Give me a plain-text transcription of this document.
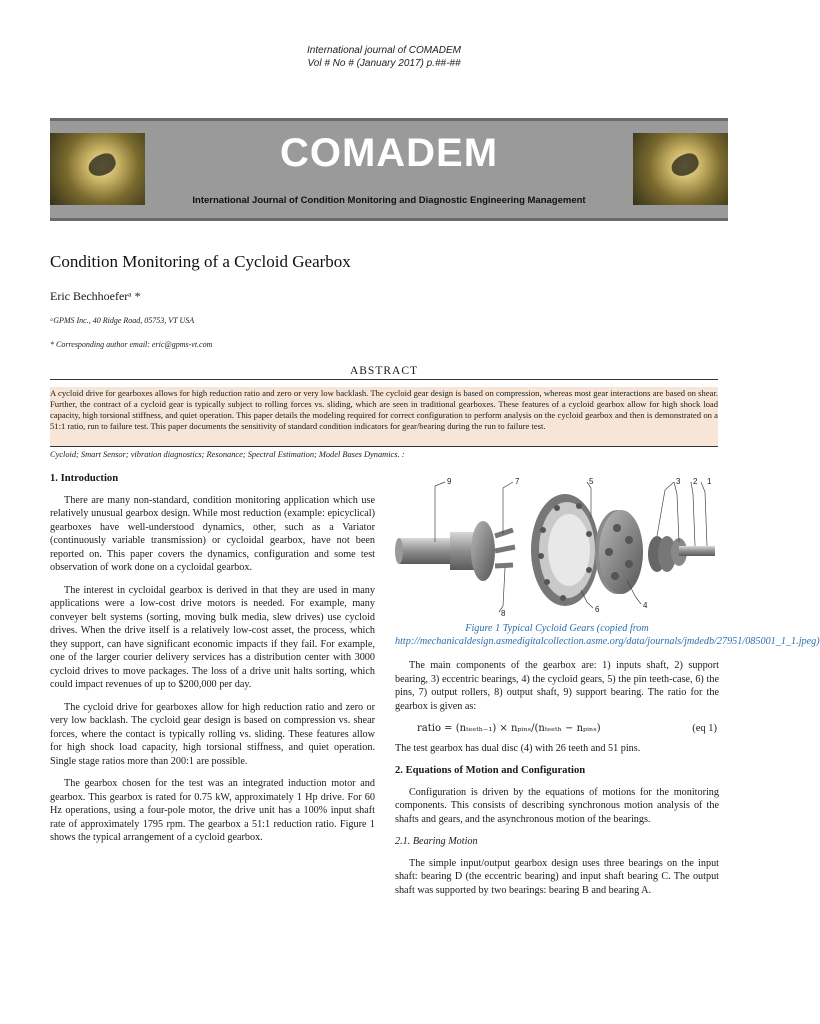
International journal of COMADEM
Vol # No # (January 2017) p.##-##
COMADEM
International Journal of Condition Monitoring and Diagnostic Engineering Management
Condition Monitoring of a Cycloid Gearbox
Eric Bechhoeferᵃ *
ᵃGPMS Inc., 40 Ridge Road, 05753, VT USA
* Corresponding author email: eric@gpms-vt.com
ABSTRACT
A cycloid drive for gearboxes allows for high reduction ratio and zero or very low backlash. The cycloid gear design is based on compression, whereas most gear interactions are based on shear. Further, the contract of a cycloid gear is typically subject to rolling forces vs. sliding, which are seen in traditional gearboxes. These features of a cycloid gearbox allow for high shock load capacity, high torsional stiffness, and quiet operation. This paper details the modeling required for correct configuration to perform analysis on the cycloid gearbox and then is demonstrated on a 51:1 ratio, run to failure test. This paper documents the sensitivity of standard condition indicators for gear/bearing during the run to failure test.
Cycloid; Smart Sensor; vibration diagnostics; Resonance; Spectral Estimation; Model Bases Dynamics. :
1. Introduction

There are many non-standard, condition monitoring application which use relatively unusual gearbox design. While most reduction (example: epicyclical) gearboxes have well-understood dynamics, other, such as a Variator (continuously variable transmission) or cycloidal gearbox, have not been reported on. This paper covers the dynamics, configuration and some test observation of work done on a cycloidal gearbox.

The interest in cycloidal gearbox is derived in that they are used in many applications were a low-cost drive motors is needed. For example, many conveyer belt systems (sorting, moving bulk media, slew drives) use cycloid drives. When the drive itself is a relatively low-cost asset, the process, which they support, can have significant economic impacts if they fail. For example, one of the larger courier delivery services has a distribution center with 3000 cycloid drives to move packages. The loss of a drive unit halts sorting, which could impact revenues of up to $200,000 per day.

The cycloid drive for gearboxes allow for high reduction ratio and zero or very low backlash. The cycloid gear design is based on compression vs. shear forces, where the contact is typically rolling vs. sliding. These features allow for high shock load capacity, high torsional stiffness, and quiet operation. Single stage ratios more than 200:1 are possible.

The gearbox chosen for the test was an integrated induction motor and gearbox. This gearbox is rated for 0.75 kW, approximately 1 Hp drive. For 60 Hz operations, using a four-pole motor, the drive unit has a 100% input shaft rate of approximately 1795 rpm. The gearbox a 51:1 reduction ratio. Figure 1 shows the typical arrangement of a cycloid gearbox.

9	7	5	3 2 1
8	6	4
Figure 1 Typical Cycloid Gears (copied from http://mechanicaldesign.asmedigitalcollection.asme.org/data/journals/jmdedb/27951/085001_1_1.jpeg)

The main components of the gearbox are: 1) inputs shaft, 2) support bearing, 3) eccentric bearings, 4) the cycloid gears, 5) the pin teeth-case, 6) the pins, 7) output rollers, 8) output shaft, 9) support bearing. The ratio for the gearbox is given as:

ratio = (nₜₑₑₜₕ₋₁) × nₚᵢₙₛ/(nₜₑₑₜₕ − nₚᵢₙₛ)	(eq 1)

The test gearbox has dual disc (4) with 26 teeth and 51 pins.

2. Equations of Motion and Configuration

Configuration is driven by the equations of motions for the monitoring components. This consists of describing synchronous motion analysis of the shafts and gears, and the asynchronous motion of the bearings.

2.1. Bearing Motion

The simple input/output gearbox design uses three bearings on the input shaft: bearing D (the eccentric bearing) and input shaft bearing C. The output shaft was supported by two bearings: bearing B and bearing A.
